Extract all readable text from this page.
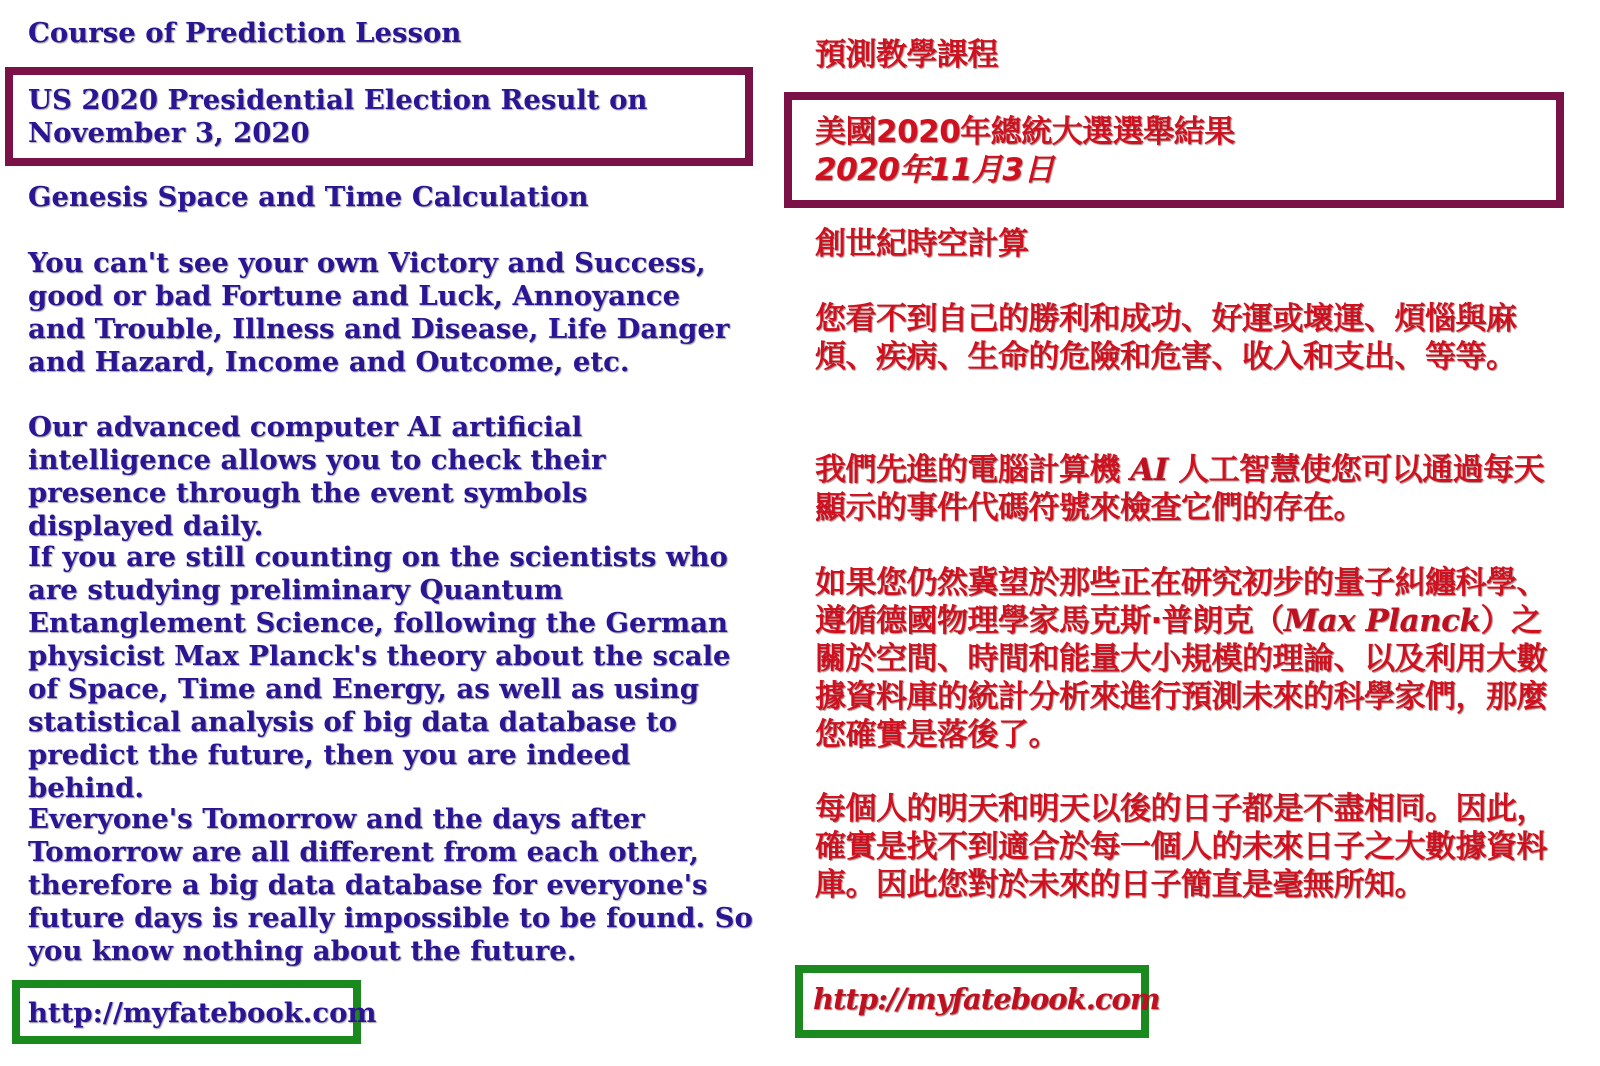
Course of Prediction Lesson

US 2020 Presidential Election Result on November 3, 2020

Genesis Space and Time Calculation

You can't see your own Victory and Success, good or bad Fortune and Luck, Annoyance and Trouble, Illness and Disease, Life Danger and Hazard, Income and Outcome, etc.

Our advanced computer AI artificial intelligence allows you to check their presence through the event symbols displayed daily.

If you are still counting on the scientists who are studying preliminary Quantum Entanglement Science, following the German physicist Max Planck's theory about the scale of Space, Time and Energy, as well as using statistical analysis of big data database to predict the future, then you are indeed behind.

Everyone's Tomorrow and the days after Tomorrow are all different from each other, therefore a big data database for everyone's future days is really impossible to be found. So you know nothing about the future.

http://myfatebook.com

預測教學課程

美國2020年總統大選選舉結果
2020年11月3日

創世紀時空計算

您看不到自己的勝利和成功、好運或壞運、煩惱與麻煩、疾病、生命的危險和危害、收入和支出、等等。

我們先進的電腦計算機 AI 人工智慧使您可以通過每天顯示的事件代碼符號來檢查它們的存在。

如果您仍然冀望於那些正在研究初步的量子糾纏科學、遵循德國物理學家馬克斯·普朗克（Max Planck）之關於空間、時間和能量大小規模的理論、以及利用大數據資料庫的統計分析來進行預測未來的科學家們，那麼您確實是落後了。

每個人的明天和明天以後的日子都是不盡相同。因此，確實是找不到適合於每一個人的未來日子之大數據資料庫。因此您對於未來的日子簡直是毫無所知。

http://myfatebook.com
